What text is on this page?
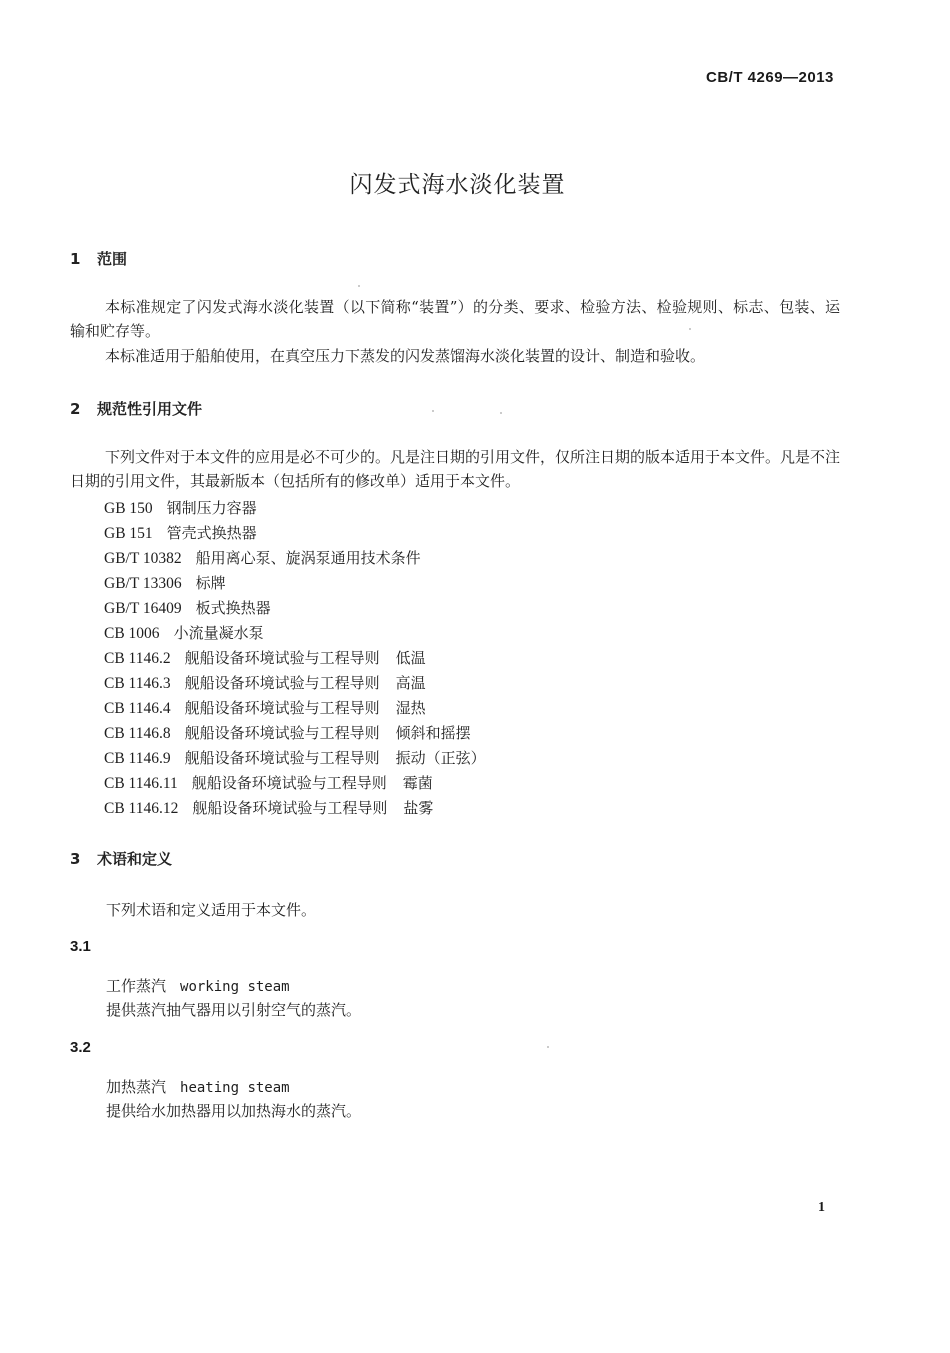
CB/T 4269—2013
闪发式海水淡化装置
1 范围
本标准规定了闪发式海水淡化装置（以下简称“装置”）的分类、要求、检验方法、检验规则、标志、包装、运输和贮存等。
本标准适用于船舶使用，在真空压力下蒸发的闪发蒸馏海水淡化装置的设计、制造和验收。
2 规范性引用文件
下列文件对于本文件的应用是必不可少的。凡是注日期的引用文件，仅所注日期的版本适用于本文件。凡是不注日期的引用文件，其最新版本（包括所有的修改单）适用于本文件。
GB 150 钢制压力容器
GB 151 管壳式换热器
GB/T 10382 船用离心泵、旋涡泵通用技术条件
GB/T 13306 标牌
GB/T 16409 板式换热器
CB 1006 小流量凝水泵
CB 1146.2 舰船设备环境试验与工程导则 低温
CB 1146.3 舰船设备环境试验与工程导则 高温
CB 1146.4 舰船设备环境试验与工程导则 湿热
CB 1146.8 舰船设备环境试验与工程导则 倾斜和摇摆
CB 1146.9 舰船设备环境试验与工程导则 振动（正弦）
CB 1146.11 舰船设备环境试验与工程导则 霉菌
CB 1146.12 舰船设备环境试验与工程导则 盐雾
3 术语和定义
下列术语和定义适用于本文件。
3.1
工作蒸汽 working steam
提供蒸汽抽气器用以引射空气的蒸汽。
3.2
加热蒸汽 heating steam
提供给水加热器用以加热海水的蒸汽。
1
